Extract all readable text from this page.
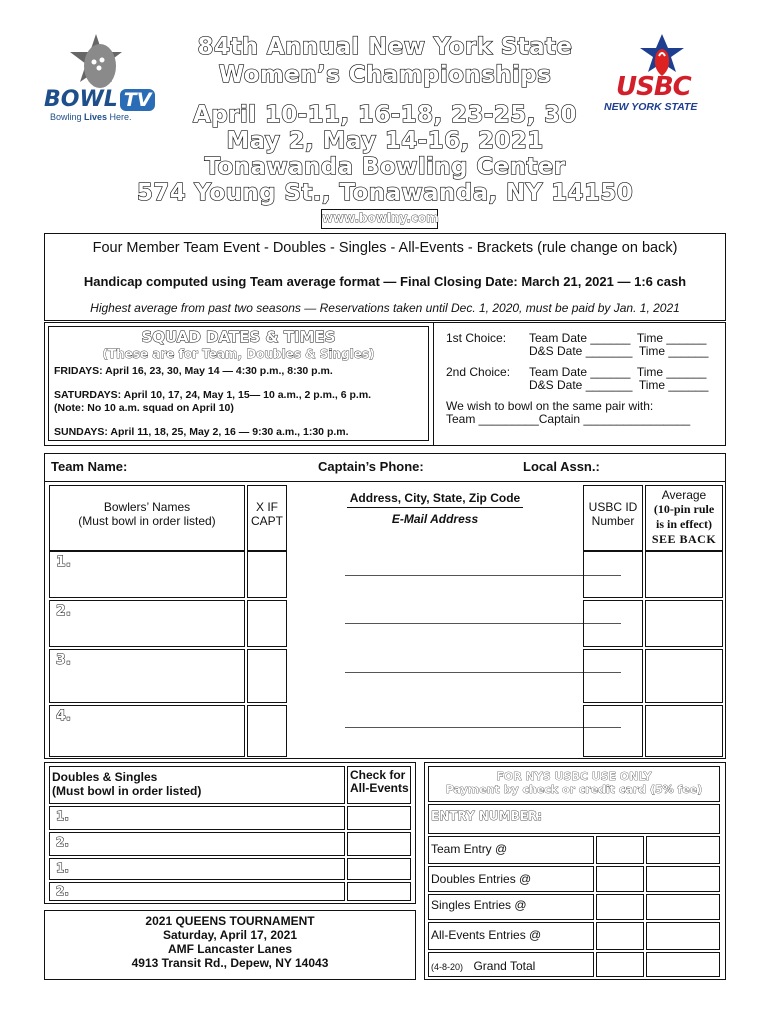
BOWL TV
Bowling Lives Here.
USBC
NEW YORK STATE
84th Annual New York State
Women’s Championships
April 10-11, 16-18, 23-25, 30
May 2, May 14-16, 2021
Tonawanda Bowling Center
574 Young St., Tonawanda, NY 14150
www.bowlny.com
Four Member Team Event - Doubles - Singles - All-Events - Brackets (rule change on back)
Handicap computed using Team average format — Final Closing Date: March 21, 2021 — 1:6 cash
Highest average from past two seasons — Reservations taken until Dec. 1, 2020, must be paid by Jan. 1, 2021
SQUAD DATES & TIMES
(These are for Team, Doubles & Singles)
FRIDAYS: April 16, 23, 30, May 14 — 4:30 p.m., 8:30 p.m.
SATURDAYS: April 10, 17, 24, May 1, 15— 10 a.m., 2 p.m., 6 p.m.
(Note: No 10 a.m. squad on April 10)
SUNDAYS: April 11, 18, 25, May 2, 16 — 9:30 a.m., 1:30 p.m.
1st Choice: Team Date ______  Time ______
D&S Date _______  Time ______
2nd Choice: Team Date ______  Time ______
D&S Date _______  Time ______
We wish to bowl on the same pair with:
Team _________Captain ________________
Team Name:	Captain’s Phone:	Local Assn.:
Bowlers’ Names
(Must bowl in order listed)
X IF
CAPT
Address, City, State, Zip Code
E-Mail Address
USBC ID
Number
Average
(10-pin rule
is in effect)
SEE BACK
1.
2.
3.
4.
Doubles & Singles
(Must bowl in order listed)
Check for
All-Events
1.
2.
1.
2.
2021 QUEENS TOURNAMENT
Saturday, April 17, 2021
AMF Lancaster Lanes
4913 Transit Rd., Depew, NY 14043
FOR NYS USBC USE ONLY
Payment by check or credit card (5% fee)
ENTRY NUMBER:
Team Entry @
Doubles Entries @
Singles Entries @
All-Events Entries @
(4-8-20) Grand Total
